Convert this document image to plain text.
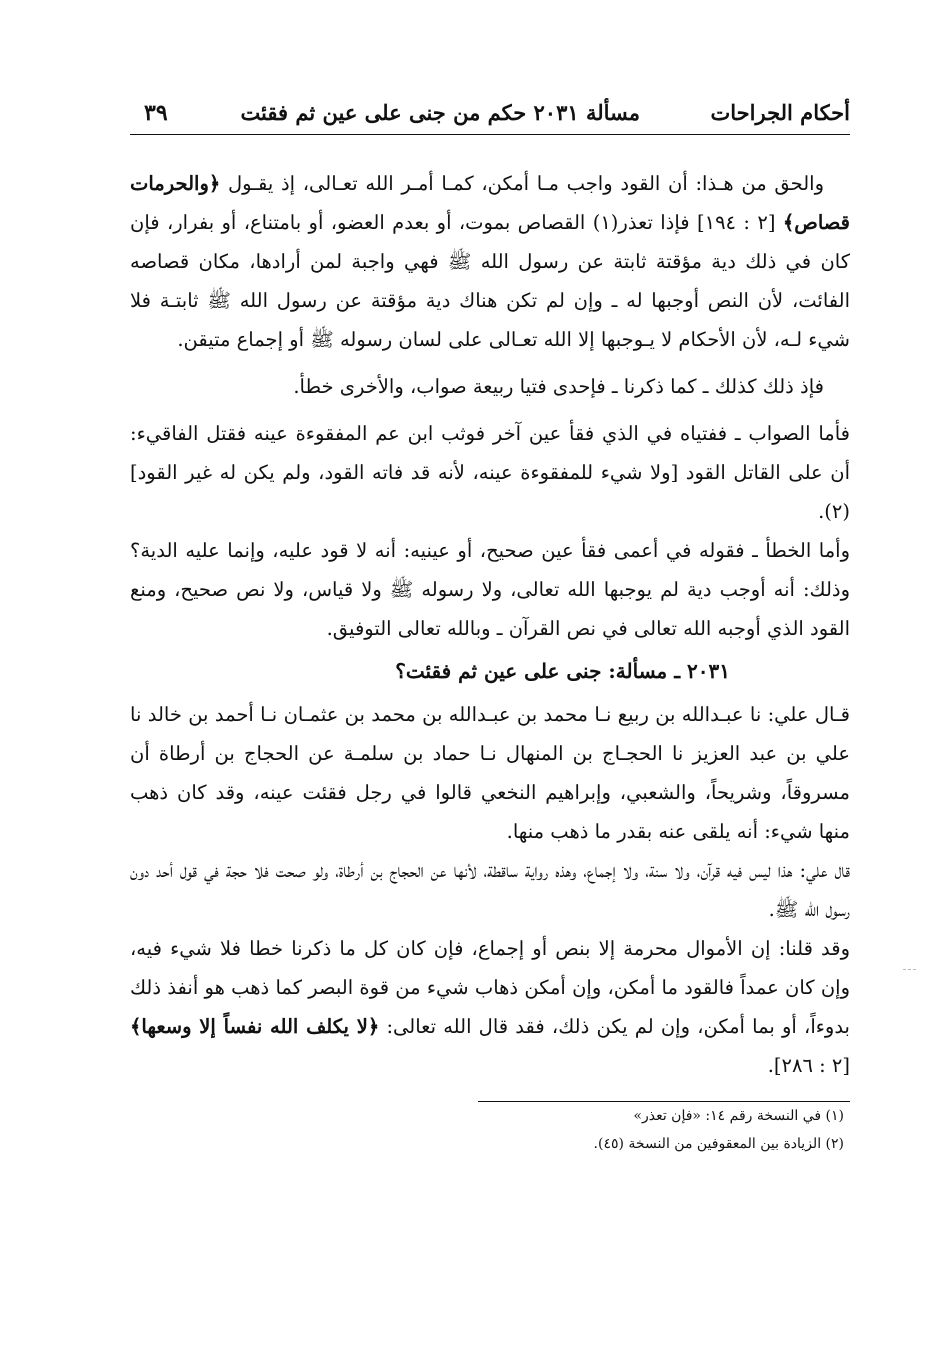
أحكام الجراحات
مسألة ٢٠٣١ حكم من جنى على عين ثم فقئت
٣٩

والحق من هـذا: أن القود واجب مـا أمكن، كمـا أمـر الله تعـالى، إذ يقـول ﴿والحرمات قصاص﴾ [٢ : ١٩٤] فإذا تعذر(١) القصاص بموت، أو بعدم العضو، أو بامتناع، أو بفرار، فإن كان في ذلك دية مؤقتة ثابتة عن رسول الله ﷺ فهي واجبة لمن أرادها، مكان قصاصه الفائت، لأن النص أوجبها له ـ وإن لم تكن هناك دية مؤقتة عن رسول الله ﷺ ثابتـة فلا شيء لـه، لأن الأحكام لا يـوجبها إلا الله تعـالى على لسان رسوله ﷺ أو إجماع متيقن.

فإذ ذلك كذلك ـ كما ذكرنا ـ فإحدى فتيا ربيعة صواب، والأخرى خطأ.

فأما الصواب ـ ففتياه في الذي فقأ عين آخر فوثب ابن عم المفقوءة عينه فقتل الفاقيء: أن على القاتل القود [ولا شيء للمفقوءة عينه، لأنه قد فاته القود، ولم يكن له غير القود](٢).

وأما الخطأ ـ فقوله في أعمى فقأ عين صحيح، أو عينيه: أنه لا قود عليه، وإنما عليه الدية؟ وذلك: أنه أوجب دية لم يوجبها الله تعالى، ولا رسوله ﷺ ولا قياس، ولا نص صحيح، ومنع القود الذي أوجبه الله تعالى في نص القرآن ـ وبالله تعالى التوفيق.

٢٠٣١ ـ مسألة: جنى على عين ثم فقئت؟

قـال علي: نا عبـدالله بن ربيع نـا محمد بن عبـدالله بن محمد بن عثمـان نـا أحمد بن خالد نا علي بن عبد العزيز نا الحجـاج بن المنهال نـا حماد بن سلمـة عن الحجاج بن أرطاة أن مسروقاً، وشريحاً، والشعبي، وإبراهيم النخعي قالوا في رجل فقئت عينه، وقد كان ذهب منها شيء: أنه يلقى عنه بقدر ما ذهب منها.

قال علي: هذا ليس فيه قرآن، ولا سنة، ولا إجماع، وهذه رواية ساقطة، لأنها عن الحجاج بن أرطاة، ولو صحت فلا حجة في قول أحد دون رسول الله ﷺ.

وقد قلنا: إن الأموال محرمة إلا بنص أو إجماع، فإن كان كل ما ذكرنا خطا فلا شيء فيه، وإن كان عمداً فالقود ما أمكن، وإن أمكن ذهاب شيء من قوة البصر كما ذهب هو أنفذ ذلك بدوءاً، أو بما أمكن، وإن لم يكن ذلك، فقد قال الله تعالى: ﴿لا يكلف الله نفساً إلا وسعها﴾ [٢ : ٢٨٦].

(١) في النسخة رقم ١٤: «فإن تعذر»

(٢) الزيادة بين المعقوفين من النسخة (٤٥).
